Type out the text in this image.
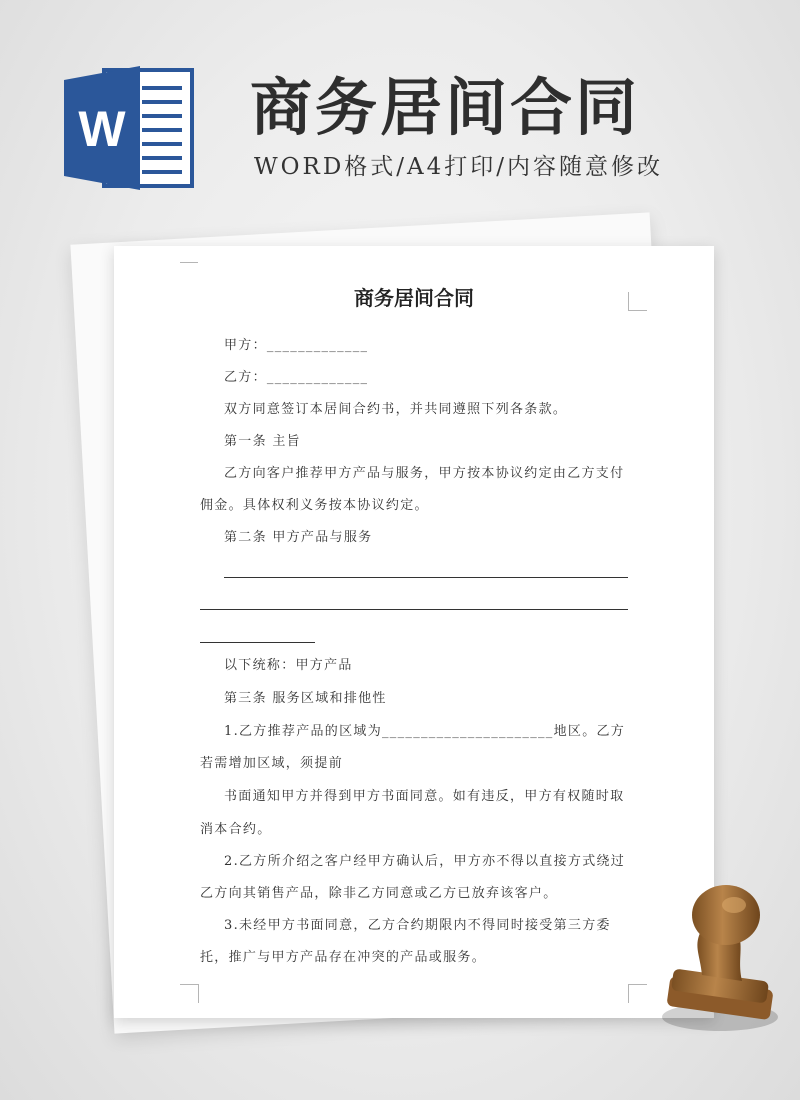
W 商务居间合同

WORD格式/A4打印/内容随意修改

商务居间合同

甲方：_____________

乙方：_____________

双方同意签订本居间合约书，并共同遵照下列各条款。

第一条 主旨

乙方向客户推荐甲方产品与服务，甲方按本协议约定由乙方支付

佣金。具体权利义务按本协议约定。

第二条 甲方产品与服务

以下统称：甲方产品

第三条 服务区域和排他性

1.乙方推荐产品的区域为______________________地区。乙方

若需增加区域，须提前

书面通知甲方并得到甲方书面同意。如有违反，甲方有权随时取

消本合约。

2.乙方所介绍之客户经甲方确认后，甲方亦不得以直接方式绕过

乙方向其销售产品，除非乙方同意或乙方已放弃该客户。

3.未经甲方书面同意，乙方合约期限内不得同时接受第三方委

托，推广与甲方产品存在冲突的产品或服务。
